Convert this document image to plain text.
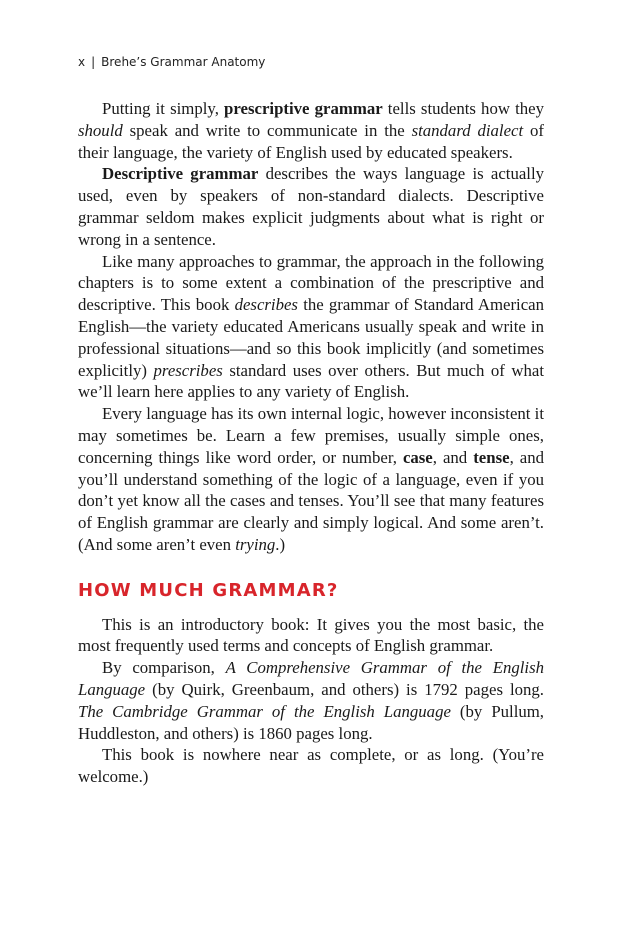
x | Brehe’s Grammar Anatomy

Putting it simply, prescriptive grammar tells students how they should speak and write to communicate in the standard dialect of their language, the variety of English used by educated speakers.

Descriptive grammar describes the ways language is actually used, even by speakers of non-standard dialects. Descriptive grammar seldom makes explicit judgments about what is right or wrong in a sentence.

Like many approaches to grammar, the approach in the following chapters is to some extent a combination of the prescriptive and descriptive. This book describes the grammar of Standard American English—the variety educated Americans usually speak and write in professional situations—and so this book implicitly (and sometimes explicitly) prescribes standard uses over others. But much of what we’ll learn here applies to any variety of English.

Every language has its own internal logic, however inconsistent it may sometimes be. Learn a few premises, usually simple ones, concerning things like word order, or number, case, and tense, and you’ll understand something of the logic of a language, even if you don’t yet know all the cases and tenses. You’ll see that many features of English grammar are clearly and simply logical. And some aren’t. (And some aren’t even trying.)

HOW MUCH GRAMMAR?

This is an introductory book: It gives you the most basic, the most frequently used terms and concepts of English grammar.

By comparison, A Comprehensive Grammar of the English Language (by Quirk, Greenbaum, and others) is 1792 pages long. The Cambridge Grammar of the English Language (by Pullum, Huddleston, and others) is 1860 pages long.

This book is nowhere near as complete, or as long. (You’re welcome.)
